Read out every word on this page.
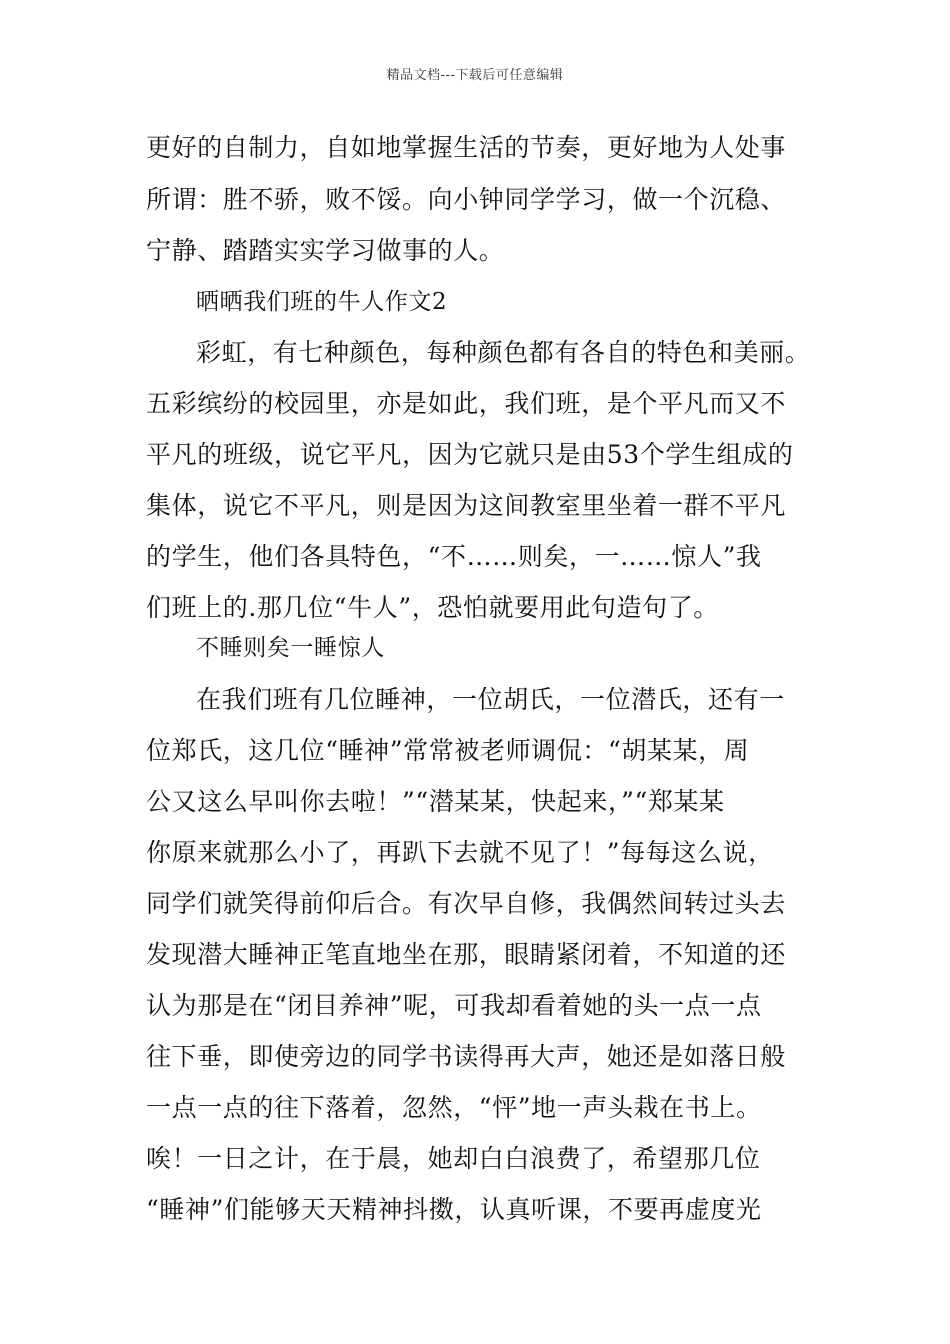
精品文档---下载后可任意编辑
更好的自制力，自如地掌握生活的节奏，更好地为人处事
所谓：胜不骄，败不馁。向小钟同学学习，做一个沉稳、
宁静、踏踏实实学习做事的人。
晒晒我们班的牛人作文2
彩虹，有七种颜色，每种颜色都有各自的特色和美丽。
五彩缤纷的校园里，亦是如此，我们班，是个平凡而又不
平凡的班级，说它平凡，因为它就只是由53个学生组成的
集体，说它不平凡，则是因为这间教室里坐着一群不平凡
的学生，他们各具特色，“不……则矣，一……惊人”我
们班上的.那几位“牛人”，恐怕就要用此句造句了。
不睡则矣一睡惊人
在我们班有几位睡神，一位胡氏，一位潜氏，还有一
位郑氏，这几位“睡神”常常被老师调侃：“胡某某，周
公又这么早叫你去啦！”“潜某某，快起来，”“郑某某
你原来就那么小了，再趴下去就不见了！”每每这么说，
同学们就笑得前仰后合。有次早自修，我偶然间转过头去
发现潜大睡神正笔直地坐在那，眼睛紧闭着，不知道的还
认为那是在“闭目养神”呢，可我却看着她的头一点一点
往下垂，即使旁边的同学书读得再大声，她还是如落日般
一点一点的往下落着，忽然，“怦”地一声头栽在书上。
唉！一日之计，在于晨，她却白白浪费了，希望那几位
“睡神”们能够天天精神抖擞，认真听课，不要再虚度光
